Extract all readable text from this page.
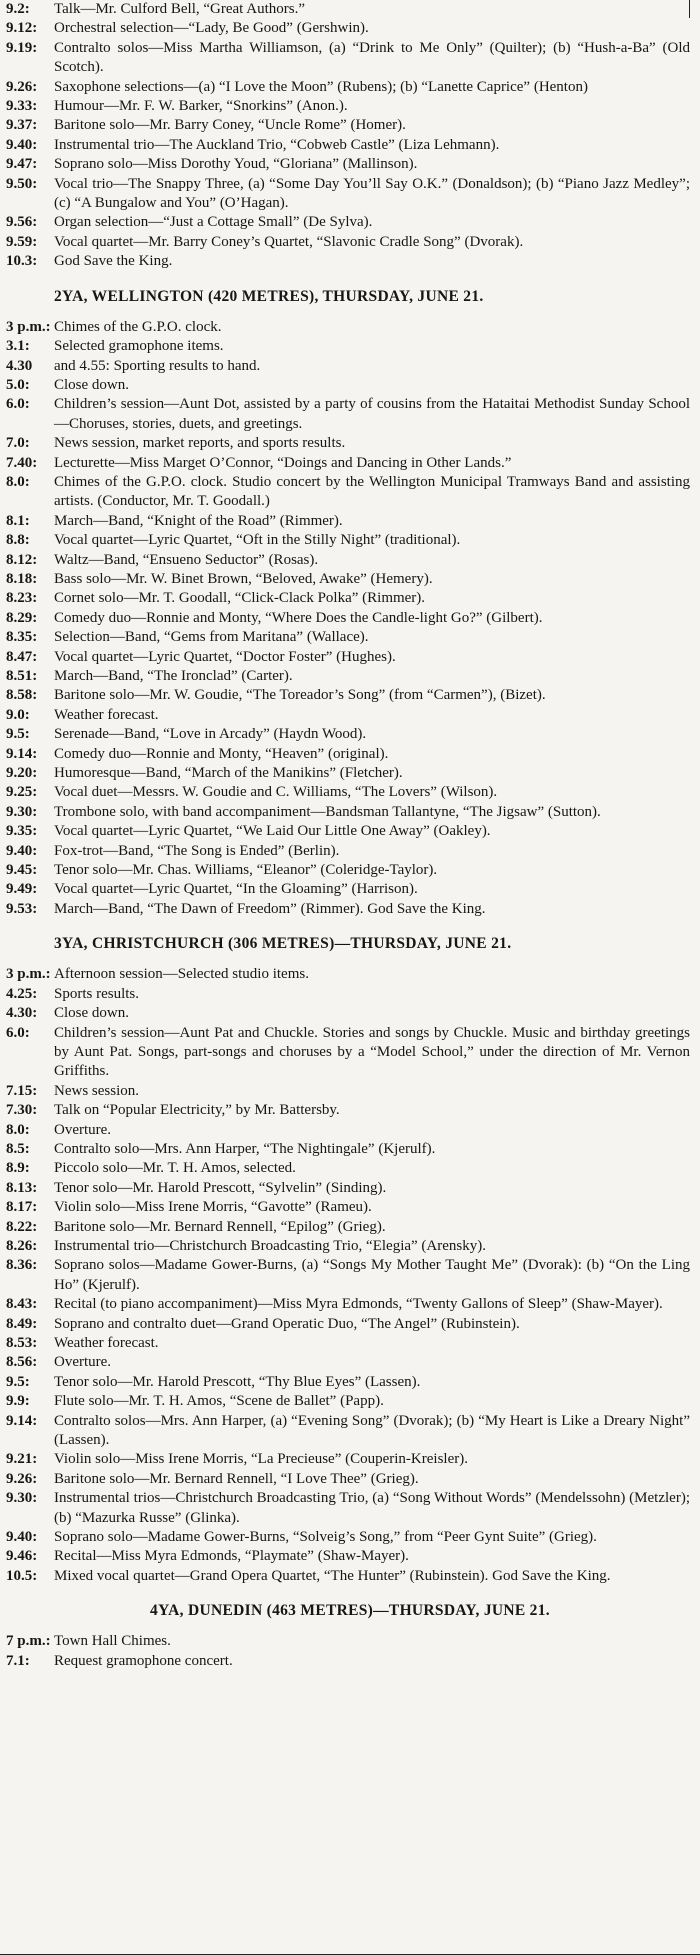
9.2:	Talk—Mr. Culford Bell, “Great Authors.”
9.12:	Orchestral selection—“Lady, Be Good” (Gershwin).
9.19:	Contralto solos—Miss Martha Williamson, (a) “Drink to Me Only” (Quilter); (b) “Hush-a-Ba” (Old Scotch).
9.26:	Saxophone selections—(a) “I Love the Moon” (Rubens); (b) “Lanette Caprice” (Henton)
9.33:	Humour—Mr. F. W. Barker, “Snorkins” (Anon.).
9.37:	Baritone solo—Mr. Barry Coney, “Uncle Rome” (Homer).
9.40:	Instrumental trio—The Auckland Trio, “Cobweb Castle” (Liza Lehmann).
9.47:	Soprano solo—Miss Dorothy Youd, “Gloriana” (Mallinson).
9.50:	Vocal trio—The Snappy Three, (a) “Some Day You’ll Say O.K.” (Donaldson); (b) “Piano Jazz Medley”; (c) “A Bungalow and You” (O’Hagan).
9.56:	Organ selection—“Just a Cottage Small” (De Sylva).
9.59:	Vocal quartet—Mr. Barry Coney’s Quartet, “Slavonic Cradle Song” (Dvorak).
10.3:	God Save the King.
2YA, WELLINGTON (420 METRES), THURSDAY, JUNE 21.
3 p.m.: Chimes of the G.P.O. clock.
3.1:	Selected gramophone items.
4.30	and 4.55: Sporting results to hand.
5.0:	Close down.
6.0:	Children’s session—Aunt Dot, assisted by a party of cousins from the Hataitai Methodist Sunday School—Choruses, stories, duets, and greetings.
7.0:	News session, market reports, and sports results.
7.40:	Lecturette—Miss Marget O’Connor, “Doings and Dancing in Other Lands.”
8.0:	Chimes of the G.P.O. clock. Studio concert by the Wellington Municipal Tramways Band and assisting artists. (Conductor, Mr. T. Goodall.)
8.1:	March—Band, “Knight of the Road” (Rimmer).
8.8:	Vocal quartet—Lyric Quartet, “Oft in the Stilly Night” (traditional).
8.12:	Waltz—Band, “Ensueno Seductor” (Rosas).
8.18:	Bass solo—Mr. W. Binet Brown, “Beloved, Awake” (Hemery).
8.23:	Cornet solo—Mr. T. Goodall, “Click-Clack Polka” (Rimmer).
8.29:	Comedy duo—Ronnie and Monty, “Where Does the Candle-light Go?” (Gilbert).
8.35:	Selection—Band, “Gems from Maritana” (Wallace).
8.47:	Vocal quartet—Lyric Quartet, “Doctor Foster” (Hughes).
8.51:	March—Band, “The Ironclad” (Carter).
8.58:	Baritone solo—Mr. W. Goudie, “The Toreador’s Song” (from “Carmen”), (Bizet).
9.0:	Weather forecast.
9.5:	Serenade—Band, “Love in Arcady” (Haydn Wood).
9.14:	Comedy duo—Ronnie and Monty, “Heaven” (original).
9.20:	Humoresque—Band, “March of the Manikins” (Fletcher).
9.25:	Vocal duet—Messrs. W. Goudie and C. Williams, “The Lovers” (Wilson).
9.30:	Trombone solo, with band accompaniment—Bandsman Tallantyne, “The Jigsaw” (Sutton).
9.35:	Vocal quartet—Lyric Quartet, “We Laid Our Little One Away” (Oakley).
9.40:	Fox-trot—Band, “The Song is Ended” (Berlin).
9.45:	Tenor solo—Mr. Chas. Williams, “Eleanor” (Coleridge-Taylor).
9.49:	Vocal quartet—Lyric Quartet, “In the Gloaming” (Harrison).
9.53:	March—Band, “The Dawn of Freedom” (Rimmer). God Save the King.
3YA, CHRISTCHURCH (306 METRES)—THURSDAY, JUNE 21.
3 p.m.: Afternoon session—Selected studio items.
4.25:	Sports results.
4.30:	Close down.
6.0:	Children’s session—Aunt Pat and Chuckle. Stories and songs by Chuckle. Music and birthday greetings by Aunt Pat. Songs, part-songs and choruses by a “Model School,” under the direction of Mr. Vernon Griffiths.
7.15:	News session.
7.30:	Talk on “Popular Electricity,” by Mr. Battersby.
8.0:	Overture.
8.5:	Contralto solo—Mrs. Ann Harper, “The Nightingale” (Kjerulf).
8.9:	Piccolo solo—Mr. T. H. Amos, selected.
8.13:	Tenor solo—Mr. Harold Prescott, “Sylvelin” (Sinding).
8.17:	Violin solo—Miss Irene Morris, “Gavotte” (Rameu).
8.22:	Baritone solo—Mr. Bernard Rennell, “Epilog” (Grieg).
8.26:	Instrumental trio—Christchurch Broadcasting Trio, “Elegia” (Arensky).
8.36:	Soprano solos—Madame Gower-Burns, (a) “Songs My Mother Taught Me” (Dvorak): (b) “On the Ling Ho” (Kjerulf).
8.43:	Recital (to piano accompaniment)—Miss Myra Edmonds, “Twenty Gallons of Sleep” (Shaw-Mayer).
8.49:	Soprano and contralto duet—Grand Operatic Duo, “The Angel” (Rubinstein).
8.53:	Weather forecast.
8.56:	Overture.
9.5:	Tenor solo—Mr. Harold Prescott, “Thy Blue Eyes” (Lassen).
9.9:	Flute solo—Mr. T. H. Amos, “Scene de Ballet” (Papp).
9.14:	Contralto solos—Mrs. Ann Harper, (a) “Evening Song” (Dvorak); (b) “My Heart is Like a Dreary Night” (Lassen).
9.21:	Violin solo—Miss Irene Morris, “La Precieuse” (Couperin-Kreisler).
9.26:	Baritone solo—Mr. Bernard Rennell, “I Love Thee” (Grieg).
9.30:	Instrumental trios—Christchurch Broadcasting Trio, (a) “Song Without Words” (Mendelssohn) (Metzler); (b) “Mazurka Russe” (Glinka).
9.40:	Soprano solo—Madame Gower-Burns, “Solveig’s Song,” from “Peer Gynt Suite” (Grieg).
9.46:	Recital—Miss Myra Edmonds, “Playmate” (Shaw-Mayer).
10.5:	Mixed vocal quartet—Grand Opera Quartet, “The Hunter” (Rubinstein). God Save the King.
4YA, DUNEDIN (463 METRES)—THURSDAY, JUNE 21.
7 p.m.: Town Hall Chimes.
7.1:	Request gramophone concert.
